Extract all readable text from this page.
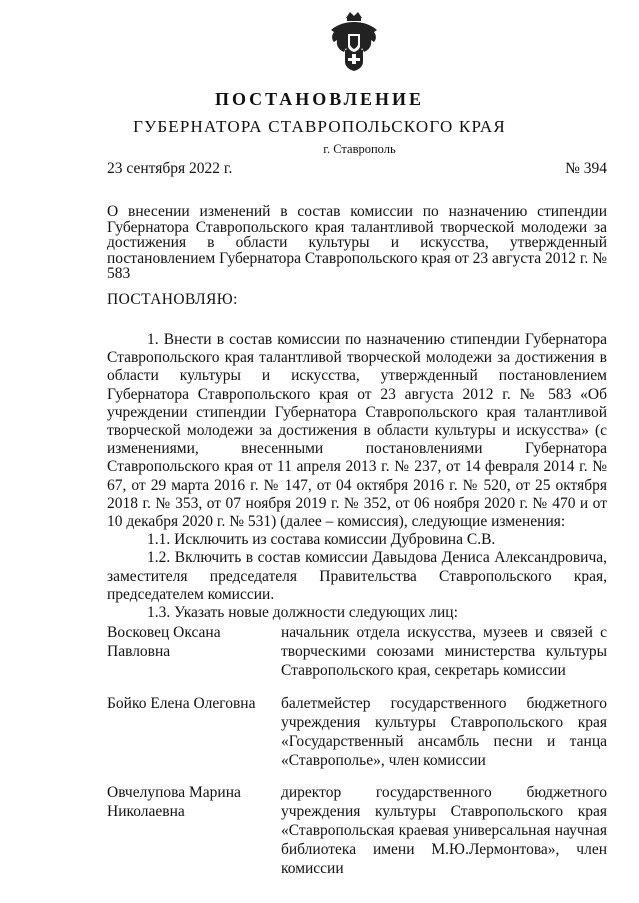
ПОСТАНОВЛЕНИЕ
ГУБЕРНАТОРА СТАВРОПОЛЬСКОГО КРАЯ
г. Ставрополь
23 сентября 2022 г.	№ 394
О внесении изменений в состав комиссии по назначению стипендии Губернатора Ставропольского края талантливой творческой молодежи за достижения в области культуры и искусства, утвержденный постановлением Губернатора Ставропольского края от 23 августа 2012 г. № 583
ПОСТАНОВЛЯЮ:

1. Внести в состав комиссии по назначению стипендии Губернатора Ставропольского края талантливой творческой молодежи за достижения в области культуры и искусства, утвержденный постановлением Губернатора Ставропольского края от 23 августа 2012 г. № 583 «Об учреждении стипендии Губернатора Ставропольского края талантливой творческой молодежи за достижения в области культуры и искусства» (с изменениями, внесенными постановлениями Губернатора Ставропольского края от 11 апреля 2013 г. № 237, от 14 февраля 2014 г. № 67, от 29 марта 2016 г. № 147, от 04 октября 2016 г. № 520, от 25 октября 2018 г. № 353, от 07 ноября 2019 г. № 352, от 06 ноября 2020 г. № 470 и от 10 декабря 2020 г. № 531) (далее – комиссия), следующие изменения:

1.1. Исключить из состава комиссии Дубровина С.В.

1.2. Включить в состав комиссии Давыдова Дениса Александровича, заместителя председателя Правительства Ставропольского края, председателем комиссии.

1.3. Указать новые должности следующих лиц:

Восковец Оксана Павловна
начальник отдела искусства, музеев и связей с творческими союзами министерства культуры Ставропольского края, секретарь комиссии
Бойко Елена Олеговна	балетмейстер государственного бюджетного учреждения культуры Ставропольского края «Государственный ансамбль песни и танца «Ставрополье», член комиссии
Овчелупова Марина Николаевна
директор государственного бюджетного учреждения культуры Ставропольского края «Ставропольская краевая универсальная научная библиотека имени М.Ю.Лермонтова», член комиссии
